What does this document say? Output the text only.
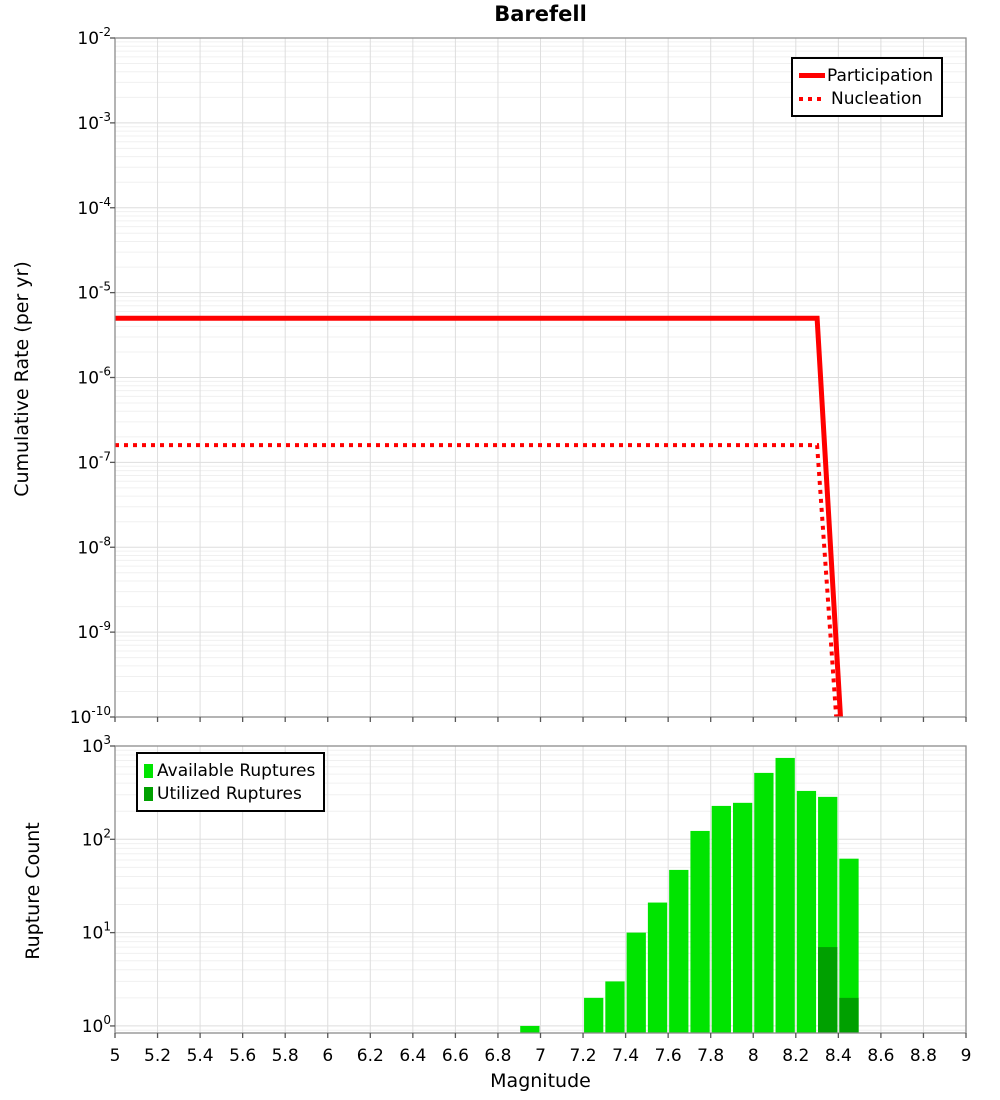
$10^{-2}$
$10^{-3}$
$10^{-4}$
$10^{-5}$
$10^{-6}$
$10^{-7}$
$10^{-8}$
$10^{-9}$
$10^{-10}$
$10^3$
$10^2$
$10^1$
$10^0$
5 5.2 5.4 5.6 5.8 6 6.2 6.4 6.6 6.8 7 7.2 7.4 7.6 7.8 8 8.2 8.4 8.6 8.8 9
Barefell
Cumulative Rate (per yr)
Rupture Count
Magnitude
Participation
Nucleation
Available Ruptures
Utilized Ruptures
